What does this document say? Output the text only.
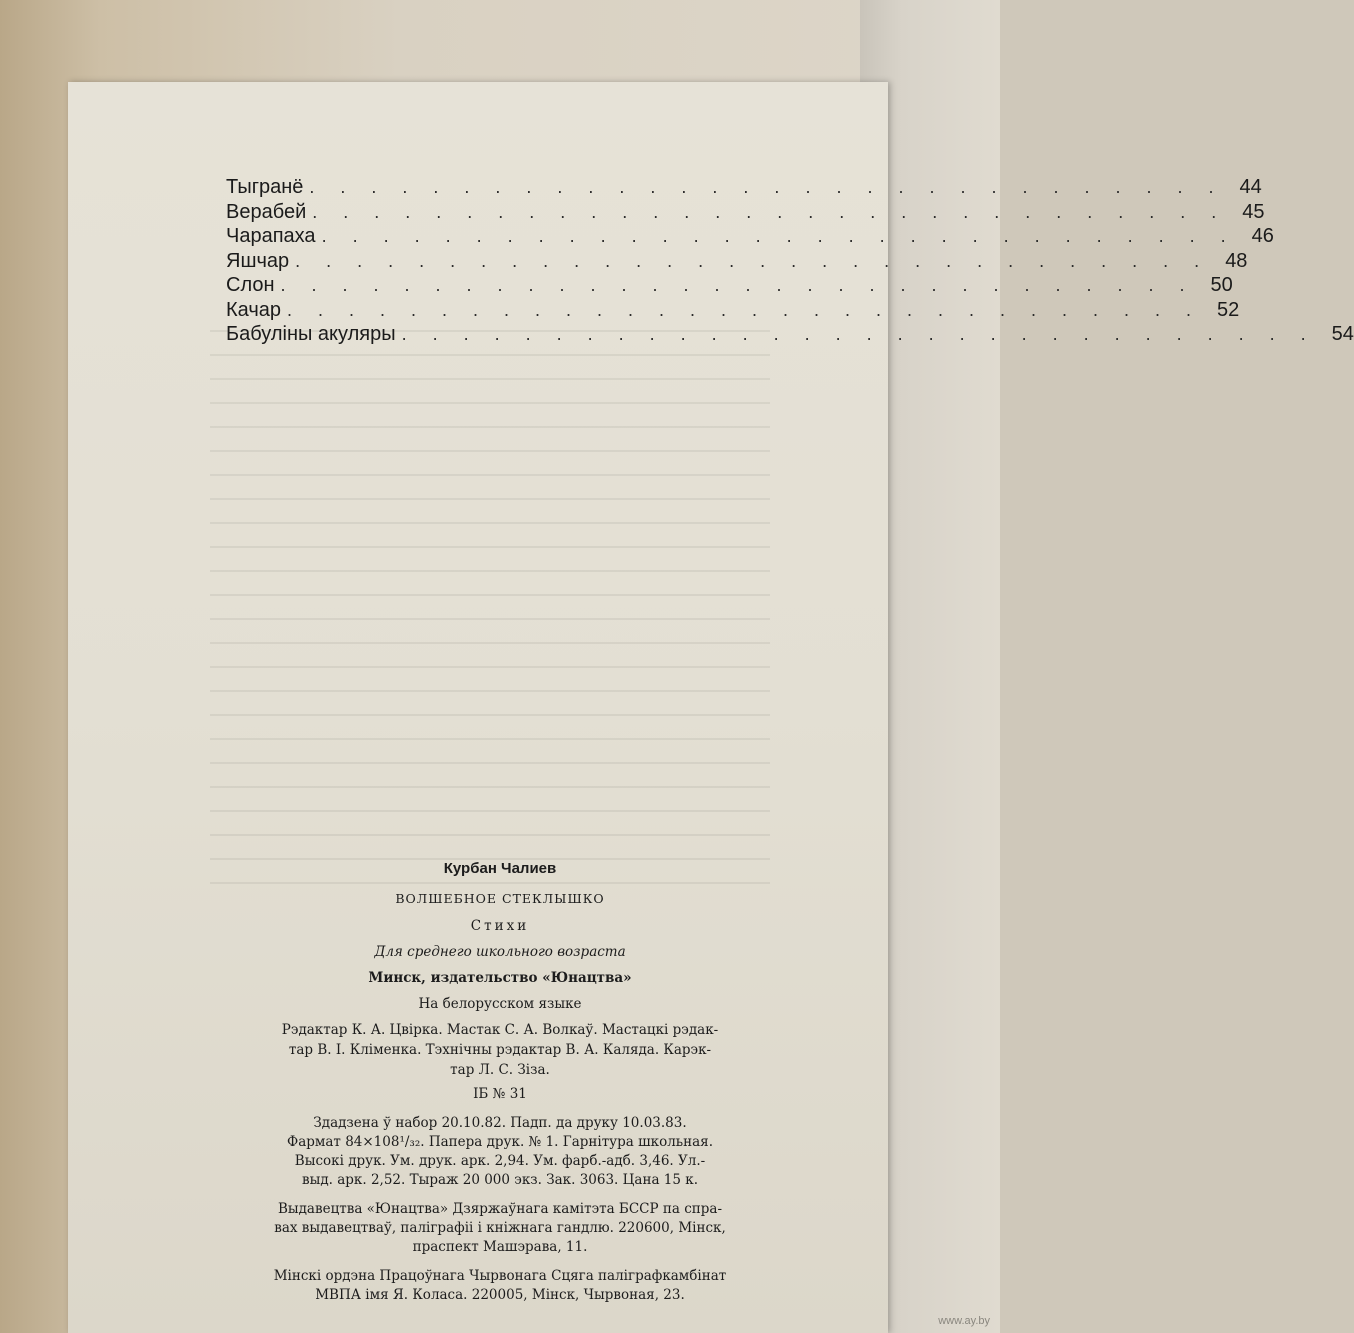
Тыгранё .............................. 44
Верабей .............................. 45
Чарапаха .............................. 46
Яшчар .............................. 48
Слон .............................. 50
Качар .............................. 52
Бабуліны акуляры .............................. 54
Курбан Чалиев
ВОЛШЕБНОЕ СТЕКЛЫШКО
Стихи
Для среднего школьного возраста
Минск, издательство «Юнацтва»
На белорусском языке
Рэдактар К. А. Цвірка. Мастак С. А. Волкаў. Мастацкі рэдак-
тар В. І. Кліменка. Тэхнічны рэдактар В. А. Каляда. Карэк-
тар Л. С. Зіза.
ІБ № 31
Здадзена ў набор 20.10.82. Падп. да друку 10.03.83.
Фармат 84×108¹/₃₂. Папера друк. № 1. Гарнітура школьная.
Высокі друк. Ум. друк. арк. 2,94. Ум. фарб.-адб. 3,46. Ул.-
выд. арк. 2,52. Тыраж 20 000 экз. Зак. 3063. Цана 15 к.
Выдавецтва «Юнацтва» Дзяржаўнага камітэта БССР па спра-
вах выдавецтваў, паліграфіі і кніжнага гандлю. 220600, Мінск,
праспект Машэрава, 11.
Мінскі ордэна Працоўнага Чырвонага Сцяга паліграфкамбінат
МВПА імя Я. Коласа. 220005, Мінск, Чырвоная, 23.
www.ay.by
